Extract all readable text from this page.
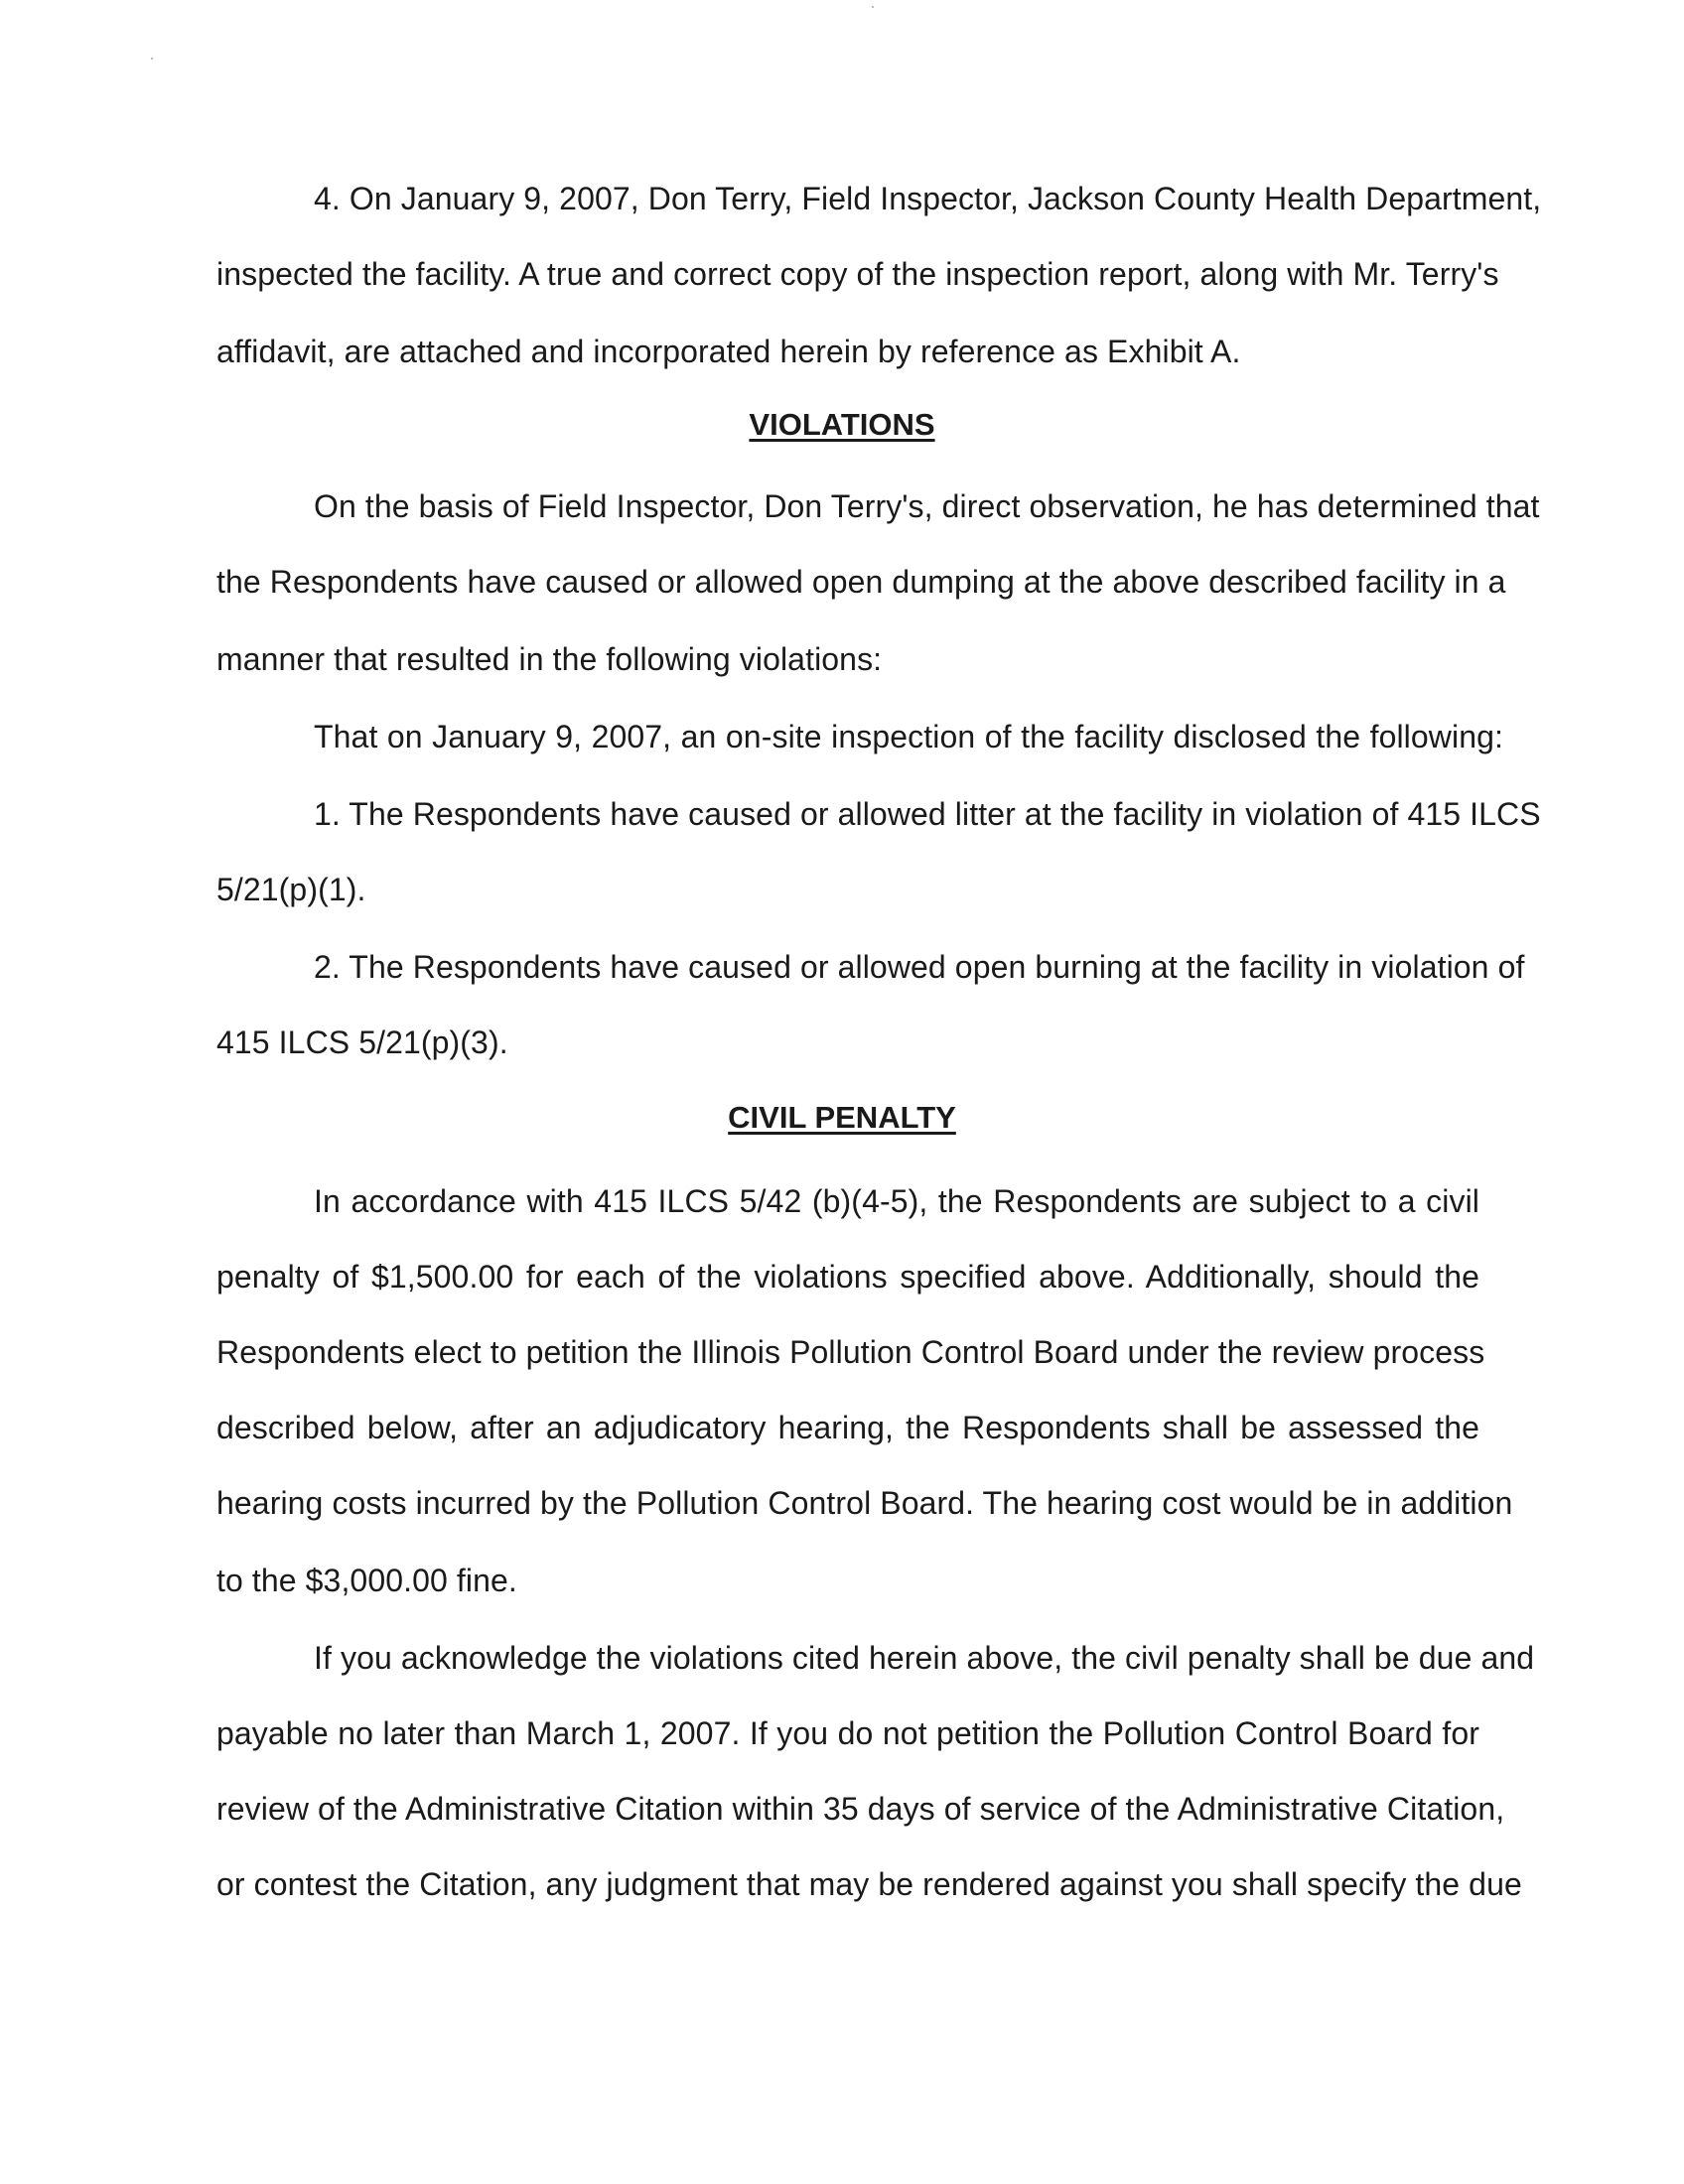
4. On January 9, 2007, Don Terry, Field Inspector, Jackson County Health Department,
inspected the facility. A true and correct copy of the inspection report, along with Mr. Terry's
affidavit, are attached and incorporated herein by reference as Exhibit A.
VIOLATIONS
On the basis of Field Inspector, Don Terry's, direct observation, he has determined that
the Respondents have caused or allowed open dumping at the above described facility in a
manner that resulted in the following violations:
That on January 9, 2007, an on-site inspection of the facility disclosed the following:
1. The Respondents have caused or allowed litter at the facility in violation of 415 ILCS
5/21(p)(1).
2. The Respondents have caused or allowed open burning at the facility in violation of
415 ILCS 5/21(p)(3).
CIVIL PENALTY
In accordance with 415 ILCS 5/42 (b)(4-5), the Respondents are subject to a civil
penalty of $1,500.00 for each of the violations specified above. Additionally, should the
Respondents elect to petition the Illinois Pollution Control Board under the review process
described below, after an adjudicatory hearing, the Respondents shall be assessed the
hearing costs incurred by the Pollution Control Board. The hearing cost would be in addition
to the $3,000.00 fine.
If you acknowledge the violations cited herein above, the civil penalty shall be due and
payable no later than March 1, 2007. If you do not petition the Pollution Control Board for
review of the Administrative Citation within 35 days of service of the Administrative Citation,
or contest the Citation, any judgment that may be rendered against you shall specify the due
